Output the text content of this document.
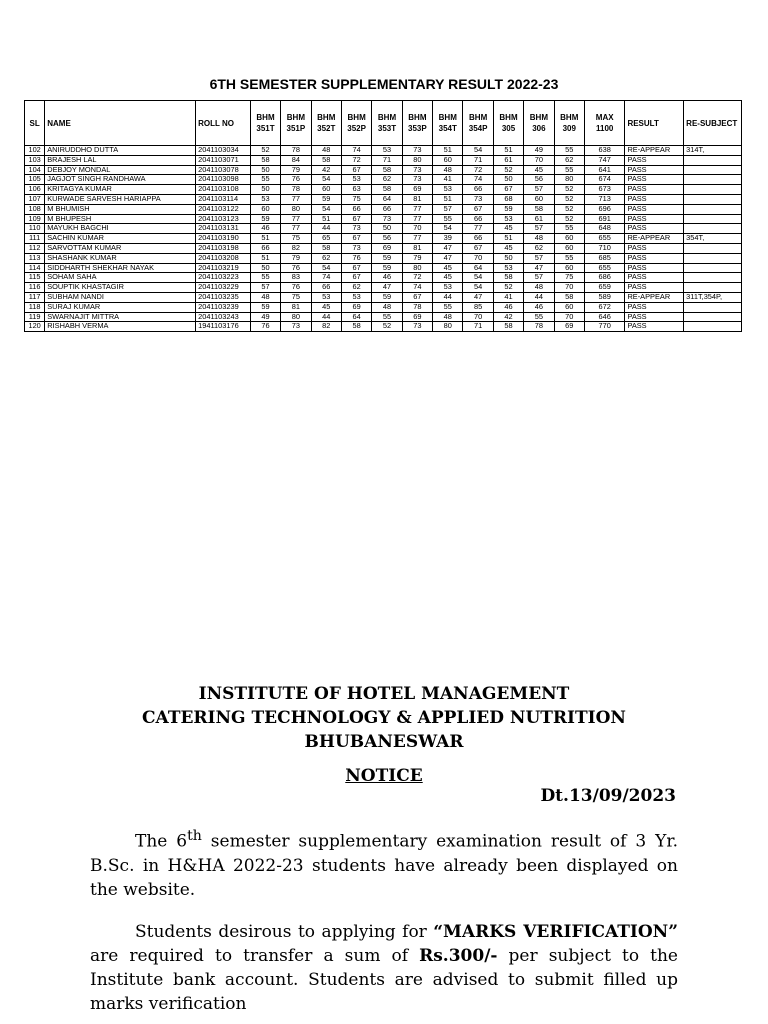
6TH SEMESTER SUPPLEMENTARY RESULT 2022-23
SL	NAME	ROLL NO	BHM 351T	BHM 351P	BHM 352T	BHM 352P	BHM 353T	BHM 353P	BHM 354T	BHM 354P	BHM 305	BHM 306	BHM 309	MAX 1100	RESULT	RE-SUBJECT
102	ANIRUDDHO DUTTA	2041103034	52	78	48	74	53	73	51	54	51	49	55	638	RE-APPEAR	314T,
103	BRAJESH LAL	2041103071	58	84	58	72	71	80	60	71	61	70	62	747	PASS	
104	DEBJOY MONDAL	2041103078	50	79	42	67	58	73	48	72	52	45	55	641	PASS	
105	JAGJOT SINGH RANDHAWA	2041103098	55	76	54	53	62	73	41	74	50	56	80	674	PASS	
106	KRITAGYA KUMAR	2041103108	50	78	60	63	58	69	53	66	67	57	52	673	PASS	
107	KURWADE SARVESH HARIAPPA	2041103114	53	77	59	75	64	81	51	73	68	60	52	713	PASS	
108	M BHUMISH	2041103122	60	80	54	66	66	77	57	67	59	58	52	696	PASS	
109	M BHUPESH	2041103123	59	77	51	67	73	77	55	66	53	61	52	691	PASS	
110	MAYUKH BAGCHI	2041103131	46	77	44	73	50	70	54	77	45	57	55	648	PASS	
111	SACHIN KUMAR	2041103190	51	75	65	67	56	77	39	66	51	48	60	655	RE-APPEAR	354T,
112	SARVOTTAM KUMAR	2041103198	66	82	58	73	69	81	47	67	45	62	60	710	PASS	
113	SHASHANK KUMAR	2041103208	51	79	62	76	59	79	47	70	50	57	55	685	PASS	
114	SIDDHARTH SHEKHAR NAYAK	2041103219	50	76	54	67	59	80	45	64	53	47	60	655	PASS	
115	SOHAM SAHA	2041103223	55	83	74	67	46	72	45	54	58	57	75	686	PASS	
116	SOUPTIK KHASTAGIR	2041103229	57	76	66	62	47	74	53	54	52	48	70	659	PASS	
117	SUBHAM NANDI	2041103235	48	75	53	53	59	67	44	47	41	44	58	589	RE-APPEAR	311T,354P,
118	SURAJ KUMAR	2041103239	59	81	45	69	48	78	55	85	46	46	60	672	PASS	
119	SWARNAJIT MITTRA	2041103243	49	80	44	64	55	69	48	70	42	55	70	646	PASS	
120	RISHABH VERMA	1941103176	76	73	82	58	52	73	80	71	58	78	69	770	PASS	
INSTITUTE OF HOTEL MANAGEMENT
CATERING TECHNOLOGY & APPLIED NUTRITION
BHUBANESWAR
NOTICE
Dt.13/09/2023

The 6th semester supplementary examination result of 3 Yr. B.Sc. in H&HA 2022-23 students have already been displayed on the website.

Students desirous to applying for “MARKS VERIFICATION” are required to transfer a sum of Rs.300/- per subject to the Institute bank account. Students are advised to submit filled up marks verification
